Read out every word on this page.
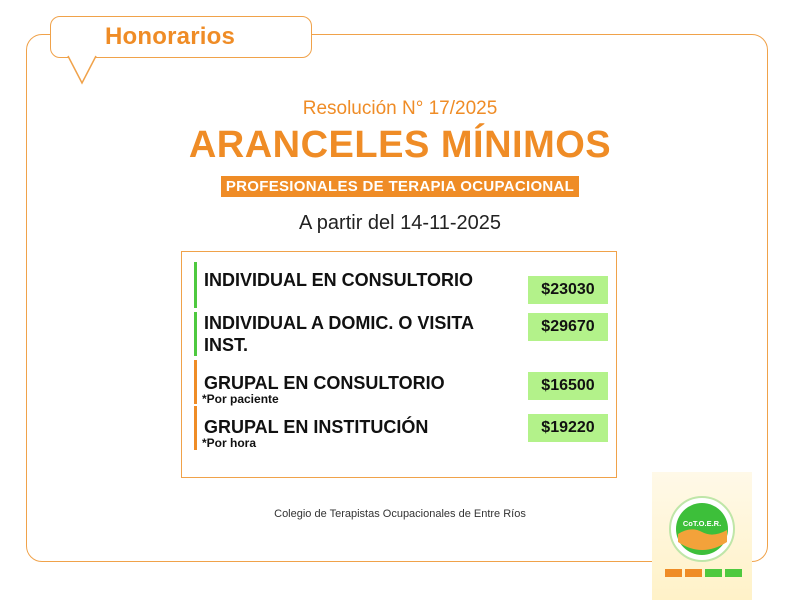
Honorarios
Resolución N° 17/2025
ARANCELES MÍNIMOS
PROFESIONALES DE TERAPIA OCUPACIONAL
A partir del 14-11-2025
INDIVIDUAL EN CONSULTORIO	$23030
INDIVIDUAL A DOMIC. O VISITA INST.
$29670
GRUPAL EN CONSULTORIO
*Por paciente
$16500
GRUPAL EN INSTITUCIÓN
*Por hora
$19220
Colegio de Terapistas Ocupacionales de Entre Ríos
CoT.O.E.R.
